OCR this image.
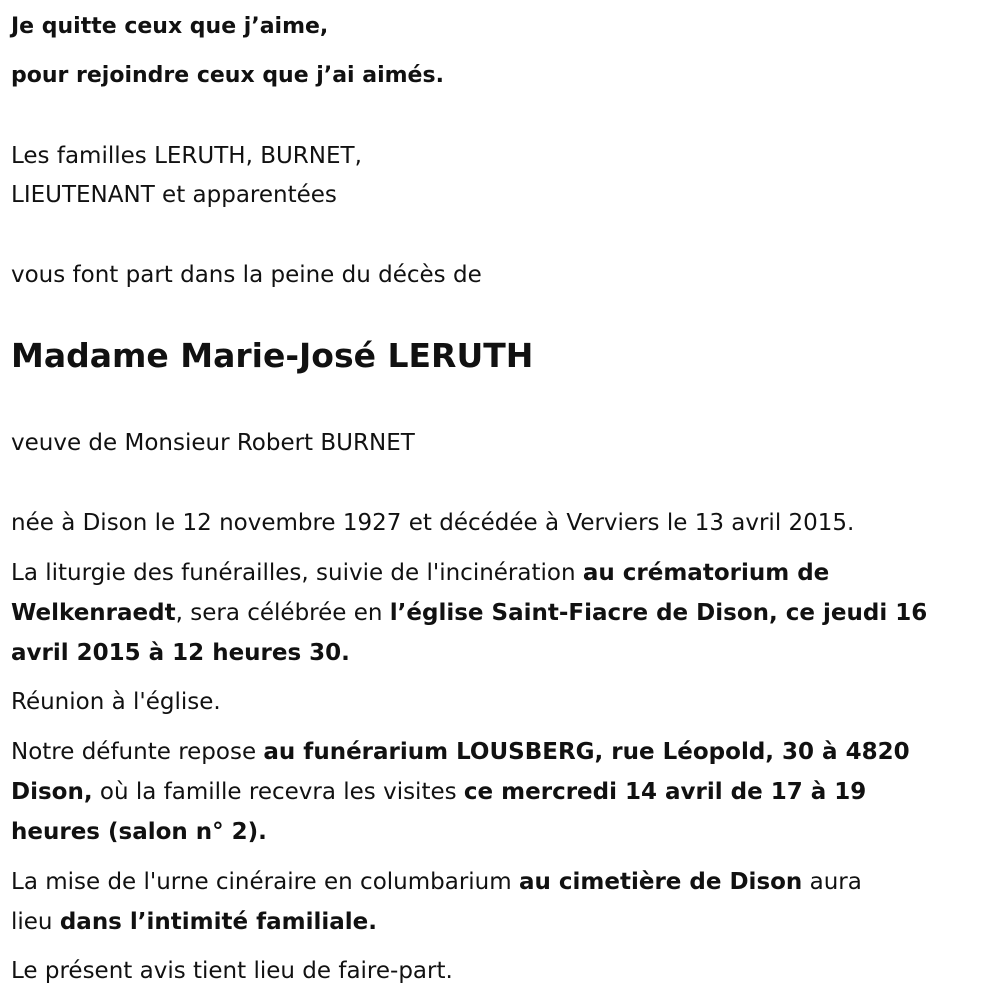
Je quitte ceux que j’aime,
pour rejoindre ceux que j’ai aimés.
Les familles LERUTH, BURNET,
LIEUTENANT et apparentées
vous font part dans la peine du décès de
Madame Marie-José LERUTH
veuve de Monsieur Robert BURNET
née à Dison le 12 novembre 1927 et décédée à Verviers le 13 avril 2015.
La liturgie des funérailles, suivie de l'incinération au crématorium de
Welkenraedt, sera célébrée en l’église Saint-Fiacre de Dison, ce jeudi 16
avril 2015 à 12 heures 30.
Réunion à l'église.
Notre défunte repose au funérarium LOUSBERG, rue Léopold, 30 à 4820
Dison, où la famille recevra les visites ce mercredi 14 avril de 17 à 19
heures (salon n° 2).
La mise de l'urne cinéraire en columbarium au cimetière de Dison aura
lieu dans l’intimité familiale.
Le présent avis tient lieu de faire-part.
